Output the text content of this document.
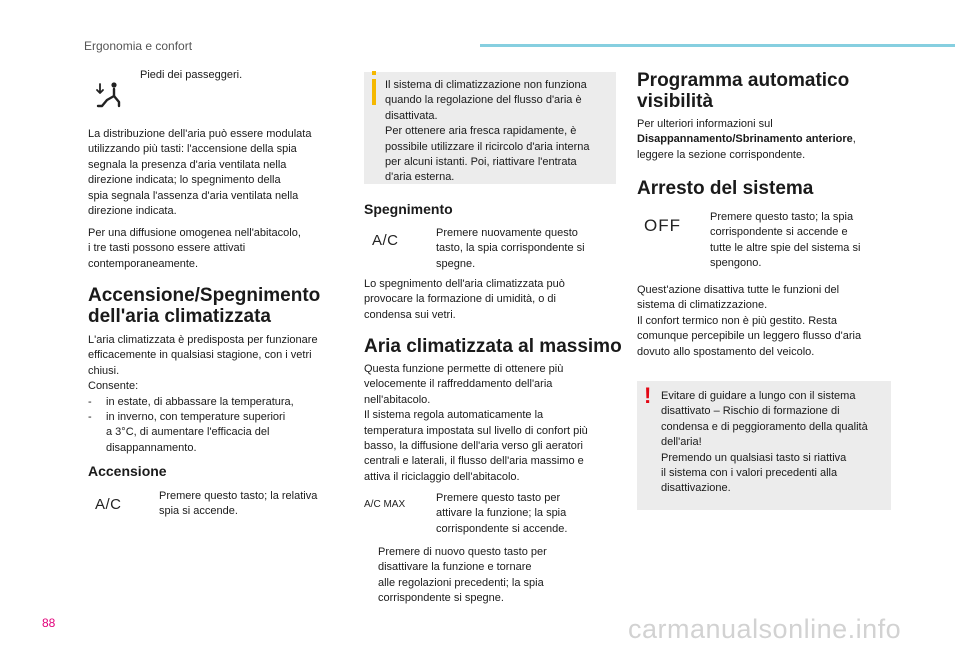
Ergonomia e confort

Piedi dei passeggeri.

La distribuzione dell'aria può essere modulata

utilizzando più tasti: l'accensione della spia

segnala la presenza d'aria ventilata nella

direzione indicata; lo spegnimento della

spia segnala l'assenza d'aria ventilata nella

direzione indicata.

Per una diffusione omogenea nell'abitacolo,

i tre tasti possono essere attivati

contemporaneamente.

Accensione/Spegnimento

dell'aria climatizzata

L'aria climatizzata è predisposta per funzionare

efficacemente in qualsiasi stagione, con i vetri

chiusi.

Consente:

- in estate, di abbassare la temperatura,

- in inverno, con temperature superiori

a 3°C, di aumentare l'efficacia del

disappannamento.

Accensione

A/C	Premere questo tasto; la relativa
spia si accende.

Il sistema di climatizzazione non funziona

quando la regolazione del flusso d'aria è

disattivata.

Per ottenere aria fresca rapidamente, è

possibile utilizzare il ricircolo d'aria interna

per alcuni istanti. Poi, riattivare l'entrata

d'aria esterna.

Spegnimento

A/C	Premere nuovamente questo
tasto, la spia corrispondente si
spegne.

Lo spegnimento dell'aria climatizzata può

provocare la formazione di umidità, o di

condensa sui vetri.

Aria climatizzata al massimo

Questa funzione permette di ottenere più

velocemente il raffreddamento dell'aria

nell'abitacolo.

Il sistema regola automaticamente la

temperatura impostata sul livello di confort più

basso, la diffusione dell'aria verso gli aeratori

centrali e laterali, il flusso dell'aria massimo e

attiva il riciclaggio dell'abitacolo.

A/C MAX
Premere questo tasto per
attivare la funzione; la spia
corrispondente si accende.
Premere di nuovo questo tasto per
disattivare la funzione e tornare
alle regolazioni precedenti; la spia
corrispondente si spegne.

Programma automatico

visibilità

Per ulteriori informazioni sul

Disappannamento/Sbrinamento anteriore,

leggere la sezione corrispondente.

Arresto del sistema

OFF	Premere questo tasto; la spia
corrispondente si accende e
tutte le altre spie del sistema si
spengono.

Quest'azione disattiva tutte le funzioni del

sistema di climatizzazione.

Il confort termico non è più gestito. Resta

comunque percepibile un leggero flusso d'aria

dovuto allo spostamento del veicolo.

! Evitare di guidare a lungo con il sistema

disattivato – Rischio di formazione di

condensa e di peggioramento della qualità

dell'aria!

Premendo un qualsiasi tasto si riattiva

il sistema con i valori precedenti alla

disattivazione.

88	carmanualsonline.info
